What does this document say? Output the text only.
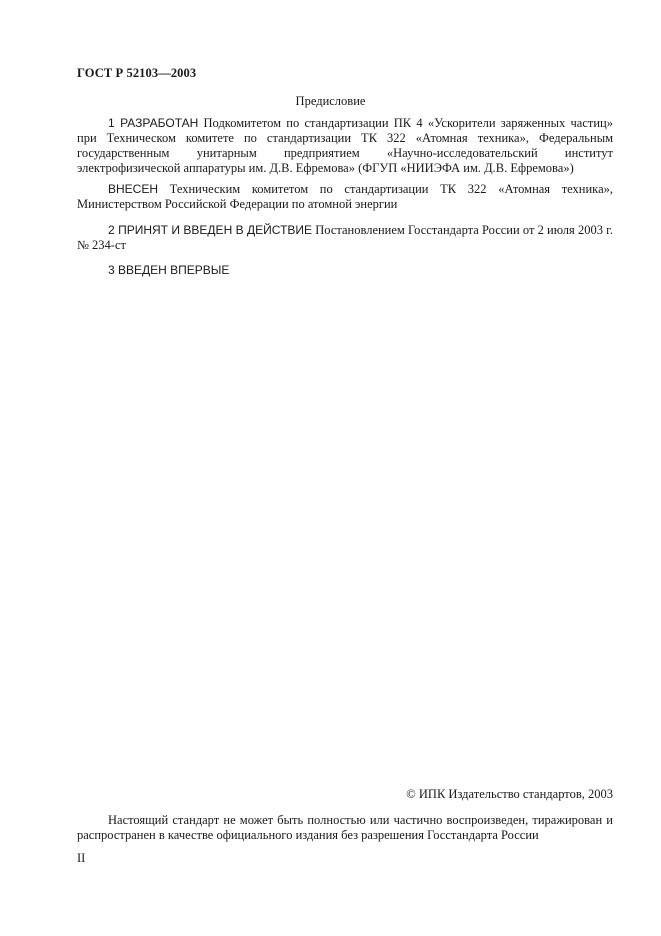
ГОСТ Р 52103—2003
Предисловие
1 РАЗРАБОТАН Подкомитетом по стандартизации ПК 4 «Ускорители заряженных частиц» при Техническом комитете по стандартизации ТК 322 «Атомная техника», Федеральным государственным унитарным предприятием «Научно-исследовательский институт электрофизической аппаратуры им. Д.В. Ефремова» (ФГУП «НИИЭФА им. Д.В. Ефремова»)
ВНЕСЕН Техническим комитетом по стандартизации ТК 322 «Атомная техника», Министерством Российской Федерации по атомной энергии
2 ПРИНЯТ И ВВЕДЕН В ДЕЙСТВИЕ Постановлением Госстандарта России от 2 июля 2003 г. № 234-ст
3 ВВЕДЕН ВПЕРВЫЕ
© ИПК Издательство стандартов, 2003
Настоящий стандарт не может быть полностью или частично воспроизведен, тиражирован и распространен в качестве официального издания без разрешения Госстандарта России
II
